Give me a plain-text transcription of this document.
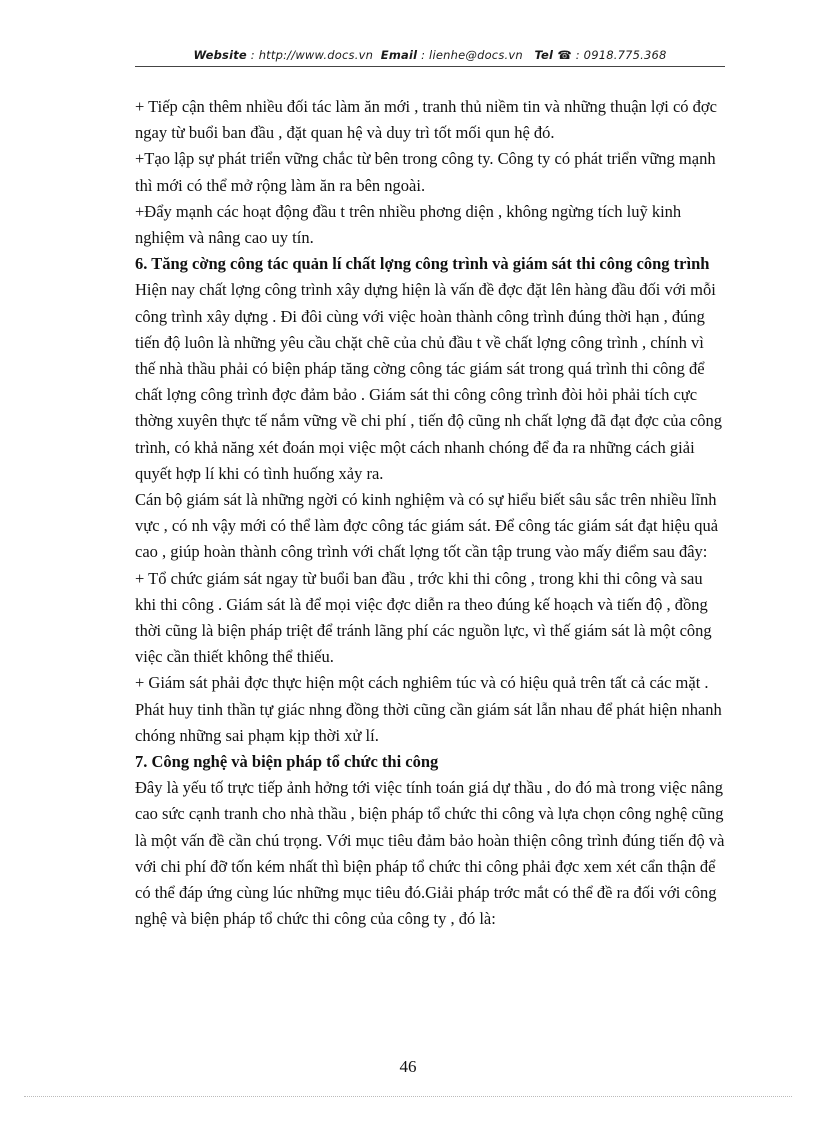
Website : http://www.docs.vn Email : lienhe@docs.vn Tel ☎ : 0918.775.368

+ Tiếp cận thêm nhiều đối tác làm ăn mới , tranh thủ niềm tin và những thuận lợi có đợc ngay từ buổi ban đầu , đặt quan hệ và duy trì tốt mối qun hệ đó.

+Tạo lập sự phát triển vững chắc từ bên trong công ty. Công ty có phát triển vững mạnh thì mới có thể mở rộng làm ăn ra bên ngoài.

+Đẩy mạnh các hoạt động đầu t trên nhiều phơng diện , không ngừng tích luỹ kinh nghiệm và nâng cao uy tín.

6. Tăng cờng công tác quản lí chất lợng công trình và giám sát thi công công trình

Hiện nay chất lợng công trình xây dựng hiện là vấn đề đợc đặt lên hàng đầu đối với mỗi công trình xây dựng . Đi đôi cùng với việc hoàn thành công trình đúng thời hạn , đúng tiến độ luôn là những yêu cầu chặt chẽ của chủ đầu t về chất lợng công trình , chính vì thế nhà thầu phải có biện pháp tăng cờng công tác giám sát trong quá trình thi công để chất lợng công trình đợc đảm bảo . Giám sát thi công công trình đòi hỏi phải tích cực thờng xuyên thực tế nắm vững về chi phí , tiến độ cũng nh chất lợng đã đạt đợc của công trình, có khả năng xét đoán mọi việc một cách nhanh chóng để đa ra những cách giải quyết hợp lí khi có tình huống xảy ra.

Cán bộ giám sát là những ngời có kinh nghiệm và có sự hiểu biết sâu sắc trên nhiều lĩnh vực , có nh vậy mới có thể làm đợc công tác giám sát. Để công tác giám sát đạt hiệu quả cao , giúp hoàn thành công trình với chất lợng tốt cần tập trung vào mấy điểm sau đây:

+ Tổ chức giám sát ngay từ buổi ban đầu , trớc khi thi công , trong khi thi công và sau khi thi công . Giám sát là để mọi việc đợc diễn ra theo đúng kế hoạch và tiến độ , đồng thời cũng là biện pháp triệt để tránh lãng phí các nguồn lực, vì thế giám sát là một công việc cần thiết không thể thiếu.

+ Giám sát phải đợc thực hiện một cách nghiêm túc và có hiệu quả trên tất cả các mặt . Phát huy tinh thần tự giác nhng đồng thời cũng cần giám sát lẫn nhau để phát hiện nhanh chóng những sai phạm kịp thời xử lí.

7. Công nghệ và biện pháp tổ chức thi công

Đây là yếu tố trực tiếp ảnh hởng tới việc tính toán giá dự thầu , do đó mà trong việc nâng cao sức cạnh tranh cho nhà thầu , biện pháp tổ chức thi công và lựa chọn công nghệ cũng là một vấn đề cần chú trọng. Với mục tiêu đảm bảo hoàn thiện công trình đúng tiến độ và với chi phí đỡ tốn kém nhất thì biện pháp tổ chức thi công phải đợc xem xét cẩn thận để có thể đáp ứng cùng lúc những mục tiêu đó.Giải pháp trớc mắt có thể đề ra đối với công nghệ và biện pháp tổ chức thi công của công ty , đó là:

46
